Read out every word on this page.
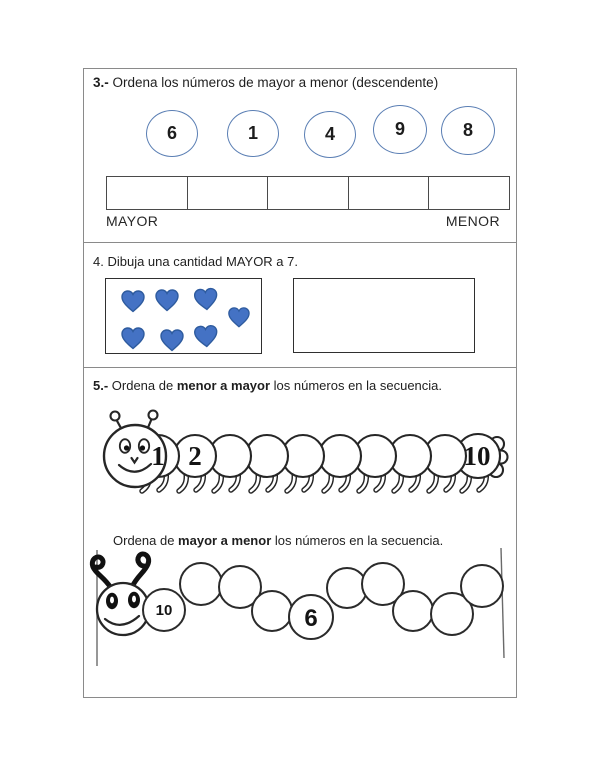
3.- Ordena los números de mayor a menor (descendente)
6	1	4	9	8
MAYOR	MENOR
4. Dibuja una cantidad MAYOR a 7.
5.- Ordena de menor a mayor los números en la secuencia.
1 2	10
Ordena de mayor a menor los números en la secuencia.
10	6
